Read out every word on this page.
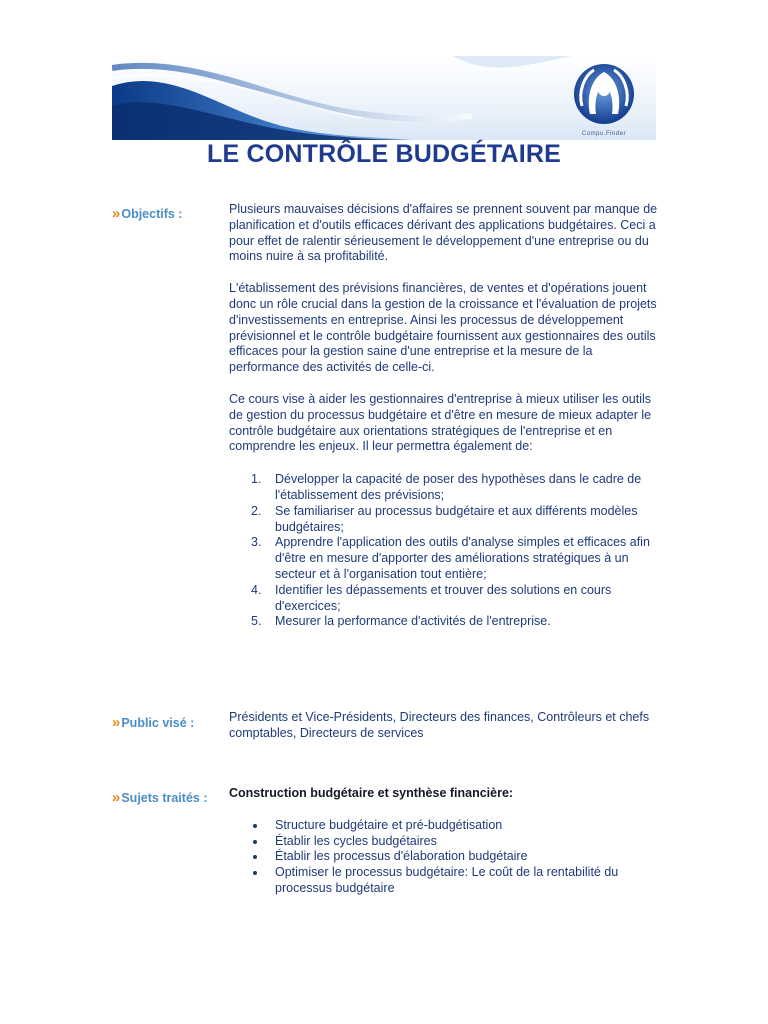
Compu.Finder
LE CONTRÔLE BUDGÉTAIRE
»Objectifs :	Plusieurs mauvaises décisions d'affaires se prennent souvent par manque de planification et d'outils efficaces dérivant des applications budgétaires. Ceci a pour effet de ralentir sérieusement le développement d'une entreprise ou du moins nuire à sa profitabilité.

L'établissement des prévisions financières, de ventes et d'opérations jouent donc un rôle crucial dans la gestion de la croissance et l'évaluation de projets d'investissements en entreprise. Ainsi les processus de développement prévisionnel et le contrôle budgétaire fournissent aux gestionnaires des outils efficaces pour la gestion saine d'une entreprise et la mesure de la performance des activités de celle-ci.

Ce cours vise à aider les gestionnaires d'entreprise à mieux utiliser les outils de gestion du processus budgétaire et d'être en mesure de mieux adapter le contrôle budgétaire aux orientations stratégiques de l'entreprise et en comprendre les enjeux. Il leur permettra également de:

1. Développer la capacité de poser des hypothèses dans le cadre de l'établissement des prévisions;
2. Se familiariser au processus budgétaire et aux différents modèles budgétaires;
3. Apprendre l'application des outils d'analyse simples et efficaces afin d'être en mesure d'apporter des améliorations stratégiques à un secteur et à l'organisation tout entière;
4. Identifier les dépassements et trouver des solutions en cours d'exercices;
5. Mesurer la performance d'activités de l'entreprise.
»Public visé :	Présidents et Vice-Présidents, Directeurs des finances, Contrôleurs et chefs comptables, Directeurs de services

»Sujets traités : Construction budgétaire et synthèse financière:

Structure budgétaire et pré-budgétisation
Établir les cycles budgétaires
Établir les processus d'élaboration budgétaire
Optimiser le processus budgétaire: Le coût de la rentabilité du processus budgétaire
